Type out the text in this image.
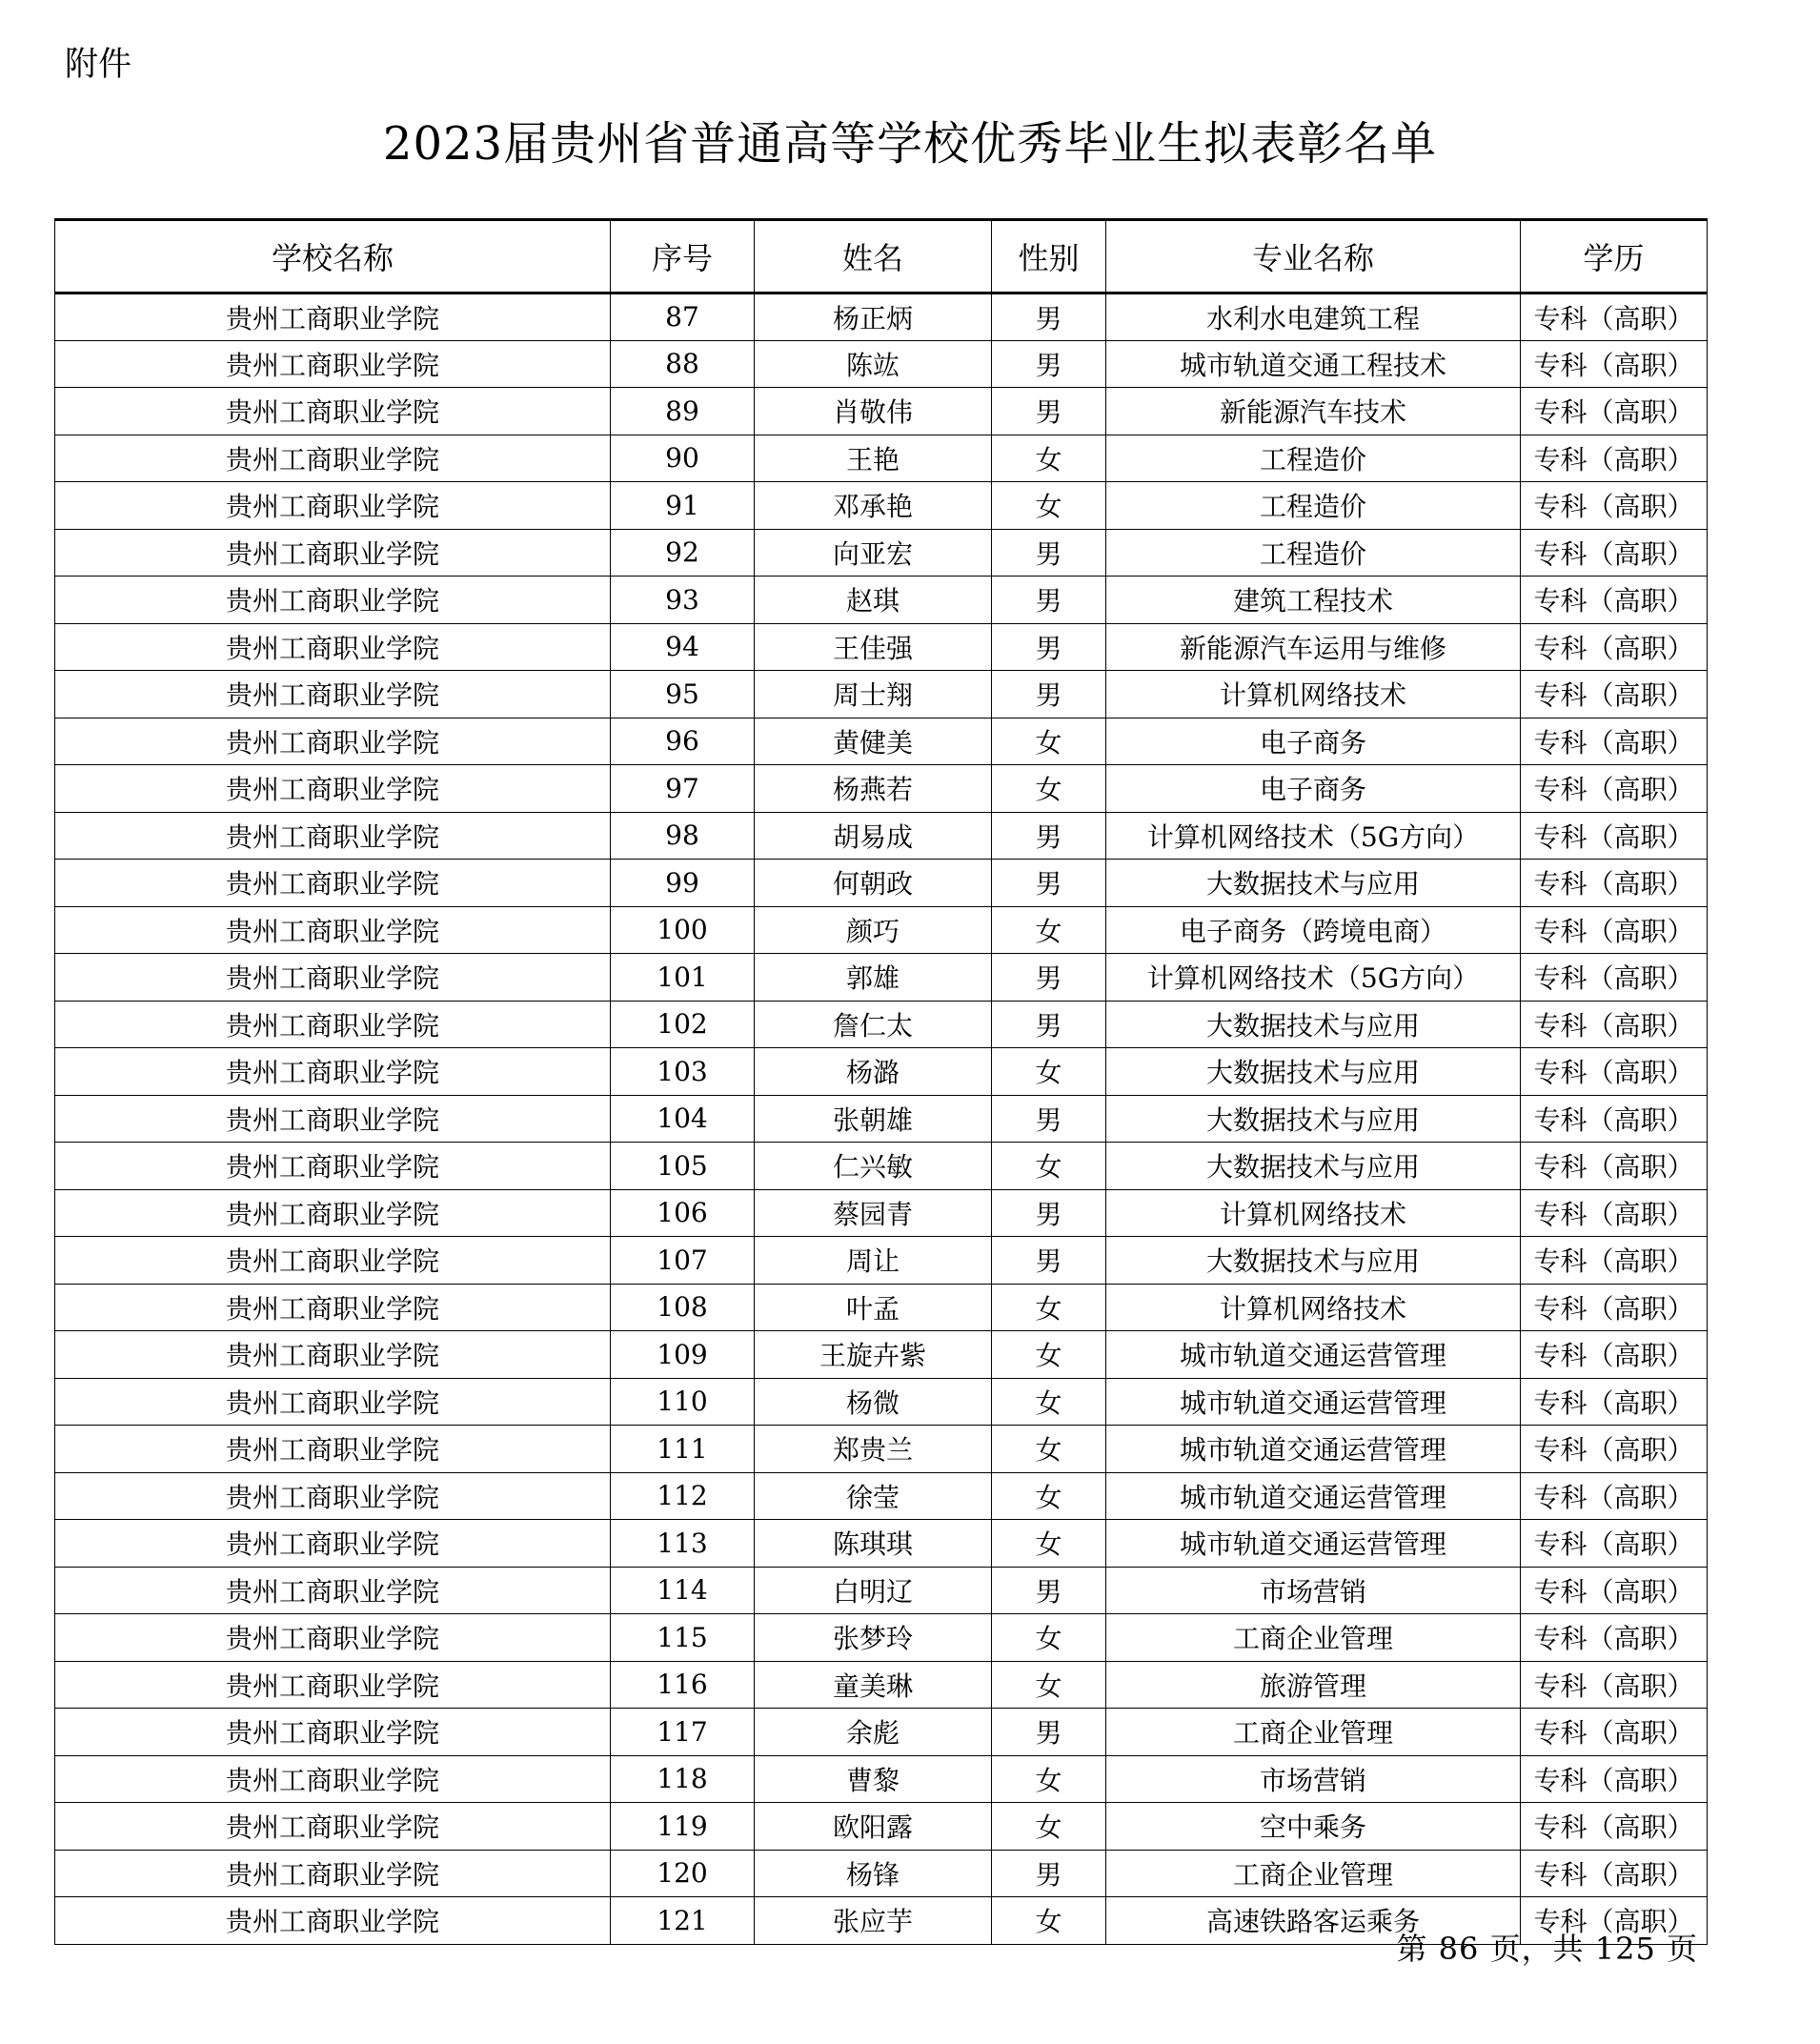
附件
2023届贵州省普通高等学校优秀毕业生拟表彰名单
学校名称	序号	姓名	性别	专业名称	学历
贵州工商职业学院	87	杨正炳	男	水利水电建筑工程	专科（高职）
贵州工商职业学院	88	陈竑	男	城市轨道交通工程技术	专科（高职）
贵州工商职业学院	89	肖敬伟	男	新能源汽车技术	专科（高职）
贵州工商职业学院	90	王艳	女	工程造价	专科（高职）
贵州工商职业学院	91	邓承艳	女	工程造价	专科（高职）
贵州工商职业学院	92	向亚宏	男	工程造价	专科（高职）
贵州工商职业学院	93	赵琪	男	建筑工程技术	专科（高职）
贵州工商职业学院	94	王佳强	男	新能源汽车运用与维修	专科（高职）
贵州工商职业学院	95	周士翔	男	计算机网络技术	专科（高职）
贵州工商职业学院	96	黄健美	女	电子商务	专科（高职）
贵州工商职业学院	97	杨燕若	女	电子商务	专科（高职）
贵州工商职业学院	98	胡易成	男	计算机网络技术（5G方向）	专科（高职）
贵州工商职业学院	99	何朝政	男	大数据技术与应用	专科（高职）
贵州工商职业学院	100	颜巧	女	电子商务（跨境电商）	专科（高职）
贵州工商职业学院	101	郭雄	男	计算机网络技术（5G方向）	专科（高职）
贵州工商职业学院	102	詹仁太	男	大数据技术与应用	专科（高职）
贵州工商职业学院	103	杨潞	女	大数据技术与应用	专科（高职）
贵州工商职业学院	104	张朝雄	男	大数据技术与应用	专科（高职）
贵州工商职业学院	105	仁兴敏	女	大数据技术与应用	专科（高职）
贵州工商职业学院	106	蔡园青	男	计算机网络技术	专科（高职）
贵州工商职业学院	107	周让	男	大数据技术与应用	专科（高职）
贵州工商职业学院	108	叶孟	女	计算机网络技术	专科（高职）
贵州工商职业学院	109	王旋卉紫	女	城市轨道交通运营管理	专科（高职）
贵州工商职业学院	110	杨微	女	城市轨道交通运营管理	专科（高职）
贵州工商职业学院	111	郑贵兰	女	城市轨道交通运营管理	专科（高职）
贵州工商职业学院	112	徐莹	女	城市轨道交通运营管理	专科（高职）
贵州工商职业学院	113	陈琪琪	女	城市轨道交通运营管理	专科（高职）
贵州工商职业学院	114	白明辽	男	市场营销	专科（高职）
贵州工商职业学院	115	张梦玲	女	工商企业管理	专科（高职）
贵州工商职业学院	116	童美琳	女	旅游管理	专科（高职）
贵州工商职业学院	117	余彪	男	工商企业管理	专科（高职）
贵州工商职业学院	118	曹黎	女	市场营销	专科（高职）
贵州工商职业学院	119	欧阳露	女	空中乘务	专科（高职）
贵州工商职业学院	120	杨锋	男	工商企业管理	专科（高职）
贵州工商职业学院	121	张应芋	女	高速铁路客运乘务	专科（高职）
第 86 页，共 125 页
